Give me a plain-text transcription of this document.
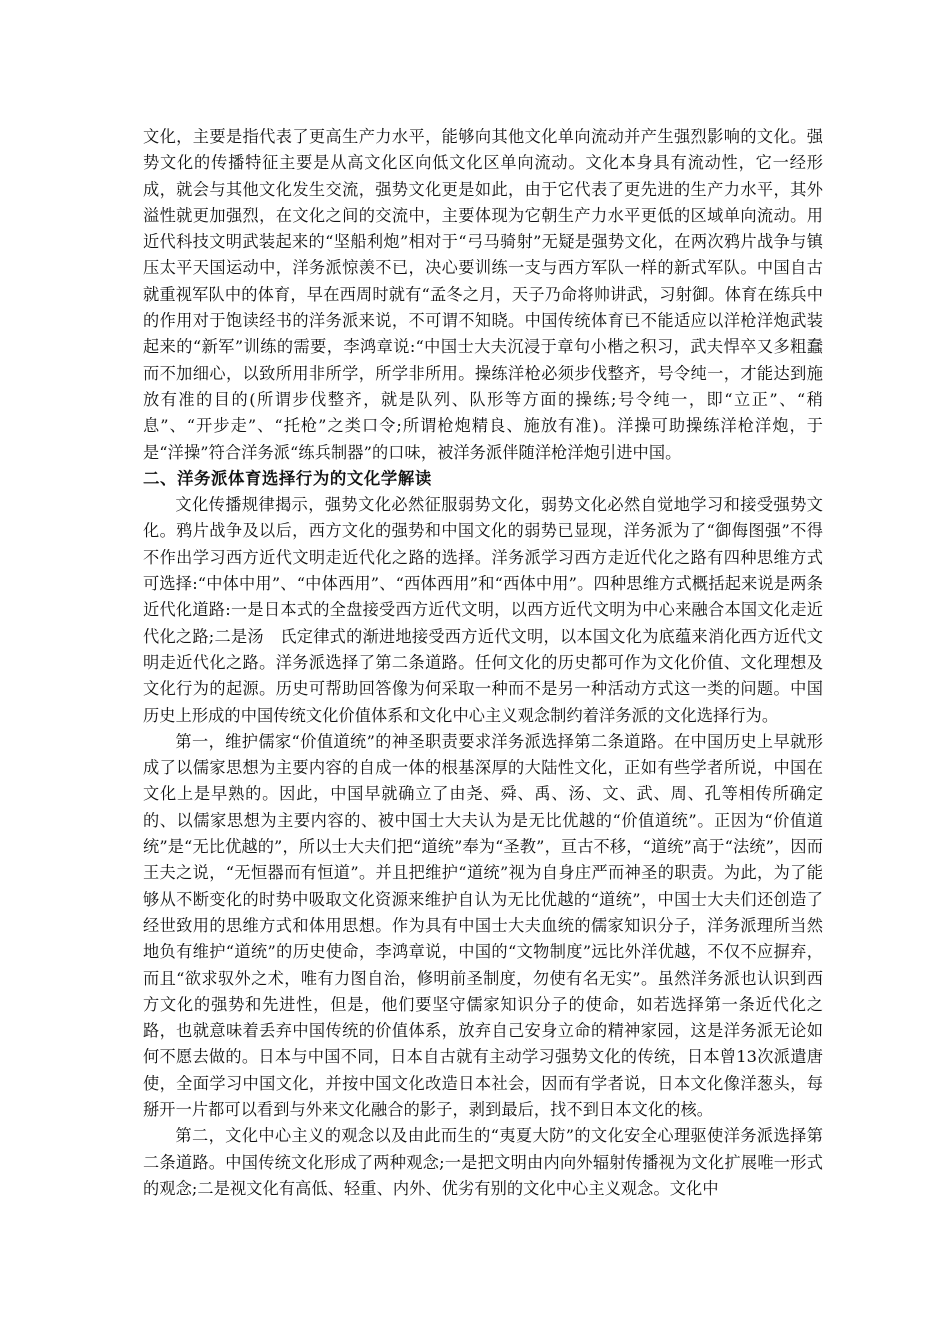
文化，主要是指代表了更高生产力水平，能够向其他文化单向流动并产生强烈影响的文化。强势文化的传播特征主要是从高文化区向低文化区单向流动。文化本身具有流动性，它一经形成，就会与其他文化发生交流，强势文化更是如此，由于它代表了更先进的生产力水平，其外溢性就更加强烈，在文化之间的交流中，主要体现为它朝生产力水平更低的区域单向流动。用近代科技文明武装起来的“坚船利炮”相对于“弓马骑射”无疑是强势文化，在两次鸦片战争与镇压太平天国运动中，洋务派惊羡不已，决心要训练一支与西方军队一样的新式军队。中国自古就重视军队中的体育，早在西周时就有“孟冬之月，天子乃命将帅讲武，习射御。体育在练兵中的作用对于饱读经书的洋务派来说，不可谓不知晓。中国传统体育已不能适应以洋枪洋炮武装起来的“新军”训练的需要，李鸿章说:“中国士大夫沉浸于章句小楷之积习，武夫悍卒又多粗蠢而不加细心，以致所用非所学，所学非所用。操练洋枪必须步伐整齐，号令纯一，才能达到施放有准的目的(所谓步伐整齐，就是队列、队形等方面的操练;号令纯一，即“立正”、“稍息”、“开步走”、“托枪”之类口令;所谓枪炮精良、施放有准)。洋操可助操练洋枪洋炮，于是“洋操”符合洋务派“练兵制器”的口味，被洋务派伴随洋枪洋炮引进中国。

二、洋务派体育选择行为的文化学解读

文化传播规律揭示，强势文化必然征服弱势文化，弱势文化必然自觉地学习和接受强势文化。鸦片战争及以后，西方文化的强势和中国文化的弱势已显现，洋务派为了“御侮图强”不得不作出学习西方近代文明走近代化之路的选择。洋务派学习西方走近代化之路有四种思维方式可选择:“中体中用”、“中体西用”、“西体西用”和“西体中用”。四种思维方式概括起来说是两条近代化道路:一是日本式的全盘接受西方近代文明，以西方近代文明为中心来融合本国文化走近代化之路;二是汤　氏定律式的渐进地接受西方近代文明，以本国文化为底蕴来消化西方近代文明走近代化之路。洋务派选择了第二条道路。任何文化的历史都可作为文化价值、文化理想及文化行为的起源。历史可帮助回答像为何采取一种而不是另一种活动方式这一类的问题。中国历史上形成的中国传统文化价值体系和文化中心主义观念制约着洋务派的文化选择行为。

第一，维护儒家“价值道统”的神圣职责要求洋务派选择第二条道路。在中国历史上早就形成了以儒家思想为主要内容的自成一体的根基深厚的大陆性文化，正如有些学者所说，中国在文化上是早熟的。因此，中国早就确立了由尧、舜、禹、汤、文、武、周、孔等相传所确定的、以儒家思想为主要内容的、被中国士大夫认为是无比优越的“价值道统”。正因为“价值道统”是“无比优越的”，所以士大夫们把“道统”奉为“圣教”，亘古不移，“道统”高于“法统”，因而王夫之说，“无恒器而有恒道”。并且把维护“道统”视为自身庄严而神圣的职责。为此，为了能够从不断变化的时势中吸取文化资源来维护自认为无比优越的“道统”，中国士大夫们还创造了经世致用的思维方式和体用思想。作为具有中国士大夫血统的儒家知识分子，洋务派理所当然地负有维护“道统”的历史使命，李鸿章说，中国的“文物制度”远比外洋优越，不仅不应摒弃，而且“欲求驭外之术，唯有力图自治，修明前圣制度，勿使有名无实”。虽然洋务派也认识到西方文化的强势和先进性，但是，他们要坚守儒家知识分子的使命，如若选择第一条近代化之路，也就意味着丢弃中国传统的价值体系，放弃自己安身立命的精神家园，这是洋务派无论如何不愿去做的。日本与中国不同，日本自古就有主动学习强势文化的传统，日本曾13次派遣唐使，全面学习中国文化，并按中国文化改造日本社会，因而有学者说，日本文化像洋葱头，每掰开一片都可以看到与外来文化融合的影子，剥到最后，找不到日本文化的核。

第二，文化中心主义的观念以及由此而生的“夷夏大防”的文化安全心理驱使洋务派选择第二条道路。中国传统文化形成了两种观念;一是把文明由内向外辐射传播视为文化扩展唯一形式的观念;二是视文化有高低、轻重、内外、优劣有别的文化中心主义观念。文化中
